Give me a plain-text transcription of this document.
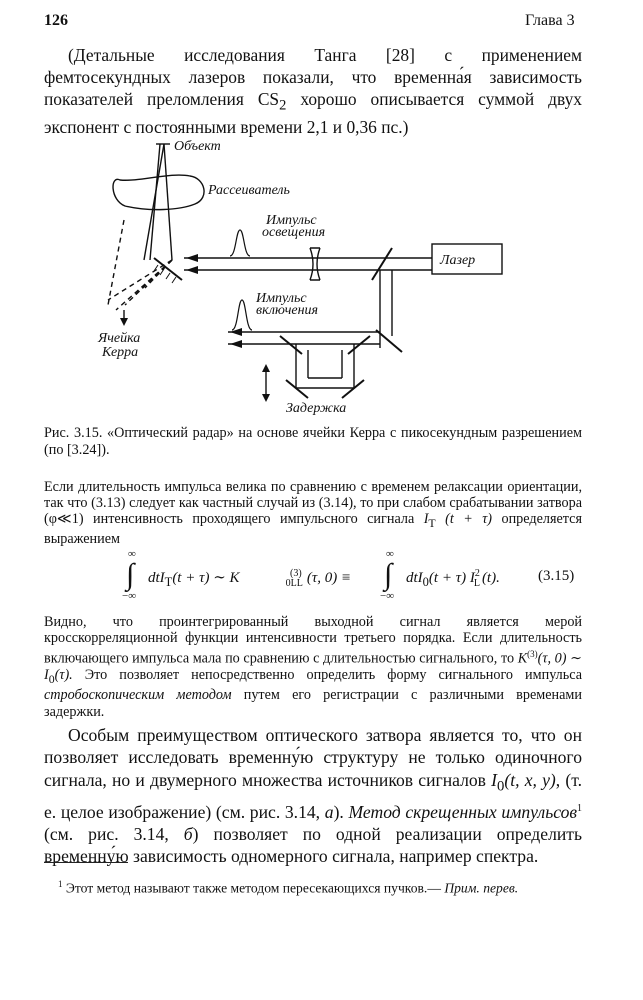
126	Глава 3
(Детальные исследования Танга [28] с применением фемтосекундных лазеров показали, что временна́я зависимость показателей преломления $CS_2$ хорошо описывается суммой двух экспонент с постоянными времени 2,1 и 0,36 пс.)
Объект
Рассеиватель
Импульс
освещения
Лазер
Импульс
включения
Ячейка
Керра
Задержка
Рис. 3.15. «Оптический радар» на основе ячейки Керра с пикосекундным разрешением (по [3.24]).
Если длительность импульса велика по сравнению с временем релаксации ориентации, так что (3.13) следует как частный случай из (3.14), то при слабом срабатывании затвора (φ≪1) интенсивность проходящего импульсного сигнала $I_T$ (t + τ) определяется выражением
∞
∫
−∞
dtI$_T$(t + τ) ∼ K	$^{(3)}_{0LL}$ (τ, 0) ≡
∞
∫
−∞
dtI$_0$(t + τ) $I^2_L$ (t).	(3.15)
Видно, что проинтегрированный выходной сигнал является мерой кросскорреляционной функции интенсивности третьего порядка. Если длительность включающего импульса мала по сравнению с длительностью сигнального, то $K^{(3)}(\tau$, 0) ∼ $I_0(\tau)$. Это позволяет непосредственно определить форму сигнального импульса стробоскопическим методом путем его регистрации с различными временами задержки.
Особым преимуществом оптического затвора является то, что он позволяет исследовать временну́ю структуру не только одиночного сигнала, но и двумерного множества источников сигналов $I_0(t$, x, y), (т. е. целое изображение) (см. рис. 3.14, а). Метод скрещенных импульсов$^1$ (см. рис. 3.14, б) позволяет по одной реализации определить временну́ю зависимость одномерного сигнала, например спектра.
$^1$ Этот метод называют также методом пересекающихся пучков.— Прим. перев.
